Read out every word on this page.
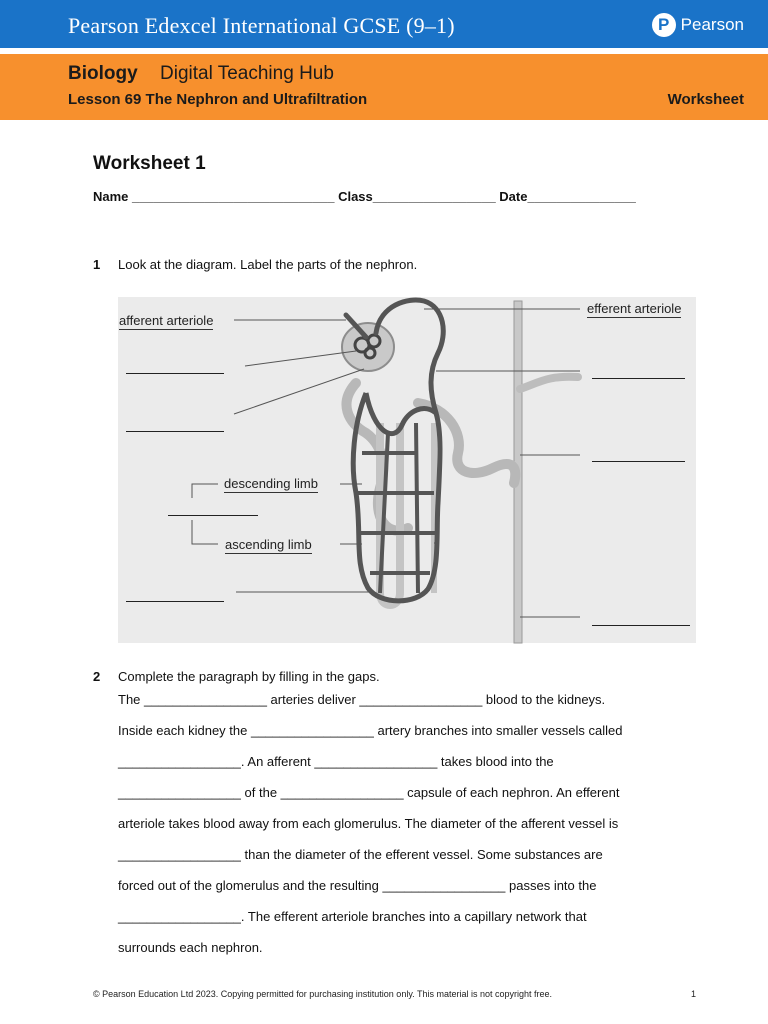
Pearson Edexcel International GCSE (9–1)	P Pearson
Biology Digital Teaching Hub
Lesson 69 The Nephron and Ultrafiltration	Worksheet
Worksheet 1
Name ____________________________ Class_________________ Date_______________
1 Look at the diagram. Label the parts of the nephron.
afferent arteriole
efferent arteriole
descending limb
ascending limb
2 Complete the paragraph by filling in the gaps.

The _________________ arteries deliver _________________ blood to the kidneys.

Inside each kidney the _________________ artery branches into smaller vessels called

_________________. An afferent _________________ takes blood into the

_________________ of the _________________ capsule of each nephron. An efferent

arteriole takes blood away from each glomerulus. The diameter of the afferent vessel is

_________________ than the diameter of the efferent vessel. Some substances are

forced out of the glomerulus and the resulting _________________ passes into the

_________________. The efferent arteriole branches into a capillary network that

surrounds each nephron.

© Pearson Education Ltd 2023. Copying permitted for purchasing institution only. This material is not copyright free.	1
